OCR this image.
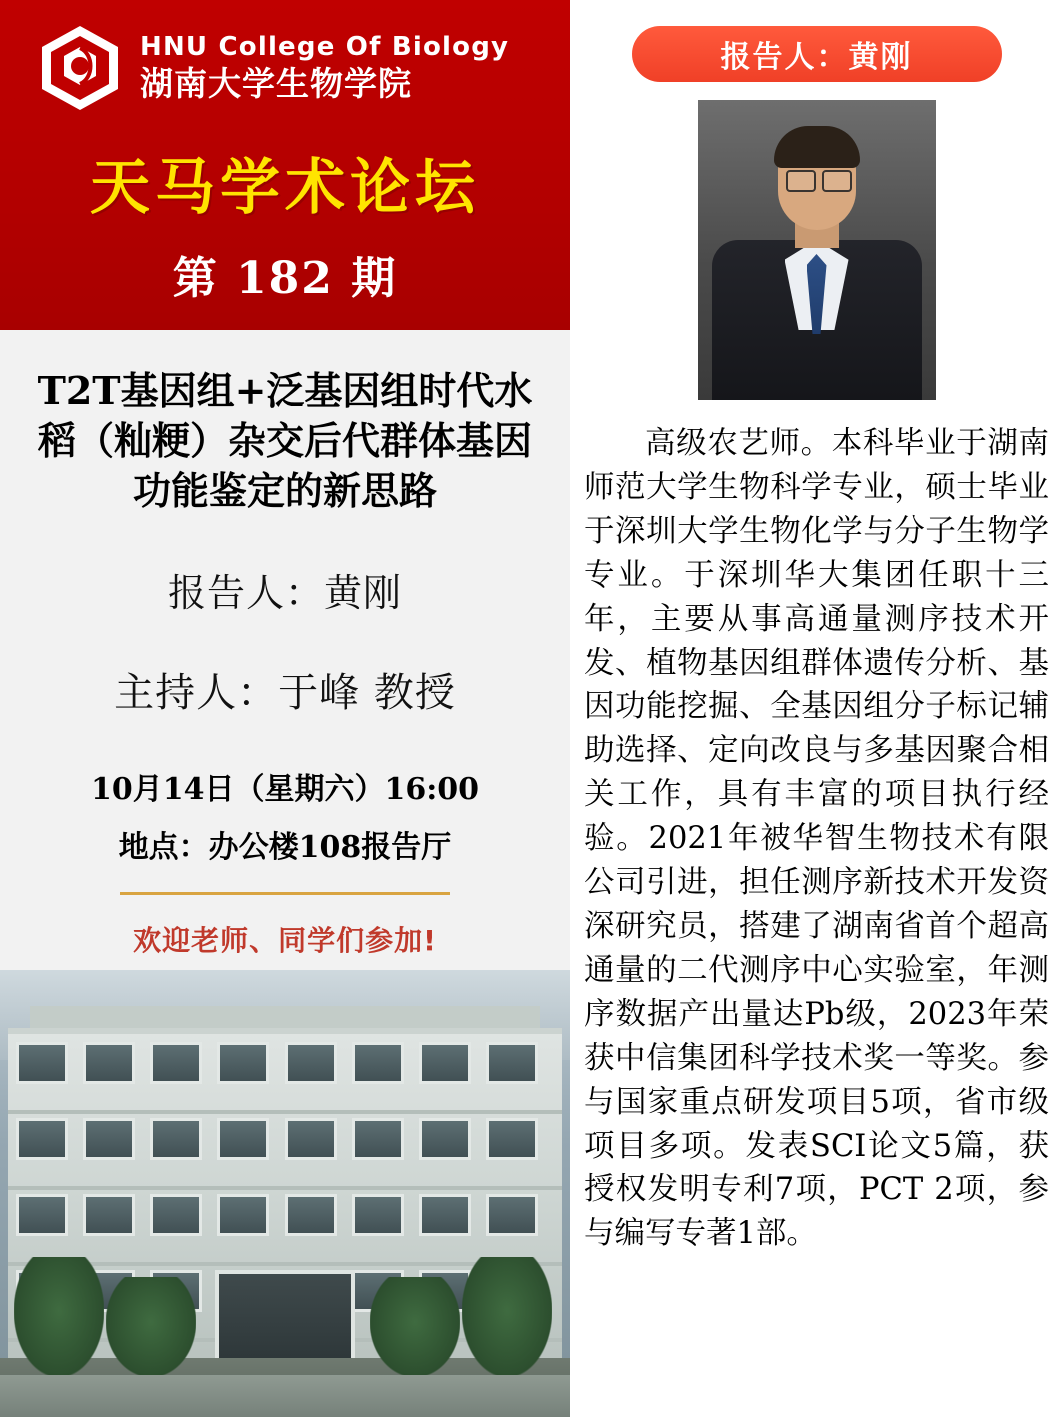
HNU College Of Biology
湖南大学生物学院
天马学术论坛
第 182 期
T2T基因组+泛基因组时代水稻（籼粳）杂交后代群体基因功能鉴定的新思路
报告人：黄刚
主持人：于峰 教授
10月14日（星期六）16:00
地点：办公楼108报告厅
欢迎老师、同学们参加!
报告人：黄刚
高级农艺师。本科毕业于湖南师范大学生物科学专业，硕士毕业于深圳大学生物化学与分子生物学专业。于深圳华大集团任职十三年，主要从事高通量测序技术开发、植物基因组群体遗传分析、基因功能挖掘、全基因组分子标记辅助选择、定向改良与多基因聚合相关工作，具有丰富的项目执行经验。2021年被华智生物技术有限公司引进，担任测序新技术开发资深研究员，搭建了湖南省首个超高通量的二代测序中心实验室，年测序数据产出量达Pb级，2023年荣获中信集团科学技术奖一等奖。参与国家重点研发项目5项，省市级项目多项。发表SCI论文5篇，获授权发明专利7项，PCT 2项，参与编写专著1部。
